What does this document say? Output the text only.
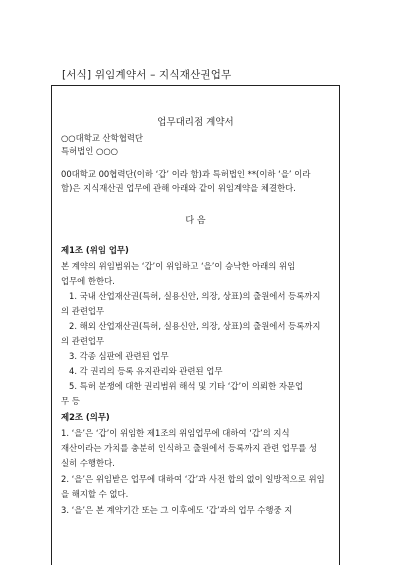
[서식] 위임계약서 – 지식재산권업무
업무대리점 계약서
○○대학교 산학협력단
특허법인 ○○○
00대학교 00협력단(이하 ‘갑’ 이라 함)과 특허법인 **(이하 ‘을’ 이라
함)은 지식재산권 업무에 관해 아래와 같이 위임계약을 체결한다.
다 음
제1조 (위임 업무)
본 계약의 위임범위는 ‘갑’이 위임하고 ‘을’이 승낙한 아래의 위임
업무에 한한다.
1. 국내 산업재산권(특허, 실용신안, 의장, 상표)의 출원에서 등록까지
의 관련업무
2. 해외 산업재산권(특허, 실용신안, 의장, 상표)의 출원에서 등록까지
의 관련업무
3. 각종 심판에 관련된 업무
4. 각 권리의 등록 유지관리와 관련된 업무
5. 특허 분쟁에 대한 권리범위 해석 및 기타 ‘갑’이 의뢰한 자문업
무 등
제2조 (의무)
1. ‘을’은 ‘갑’이 위임한 제1조의 위임업무에 대하여 ‘갑’의 지식
재산이라는 가치를 충분히 인식하고 출원에서 등록까지 관련 업무를 성
실히 수행한다.
2. ‘을’은 위임받은 업무에 대하여 ‘갑’과 사전 합의 없이 일방적으로 위임
을 해지할 수 없다.
3. ‘을’은 본 계약기간 또는 그 이후에도 ‘갑’과의 업무 수행중 지
